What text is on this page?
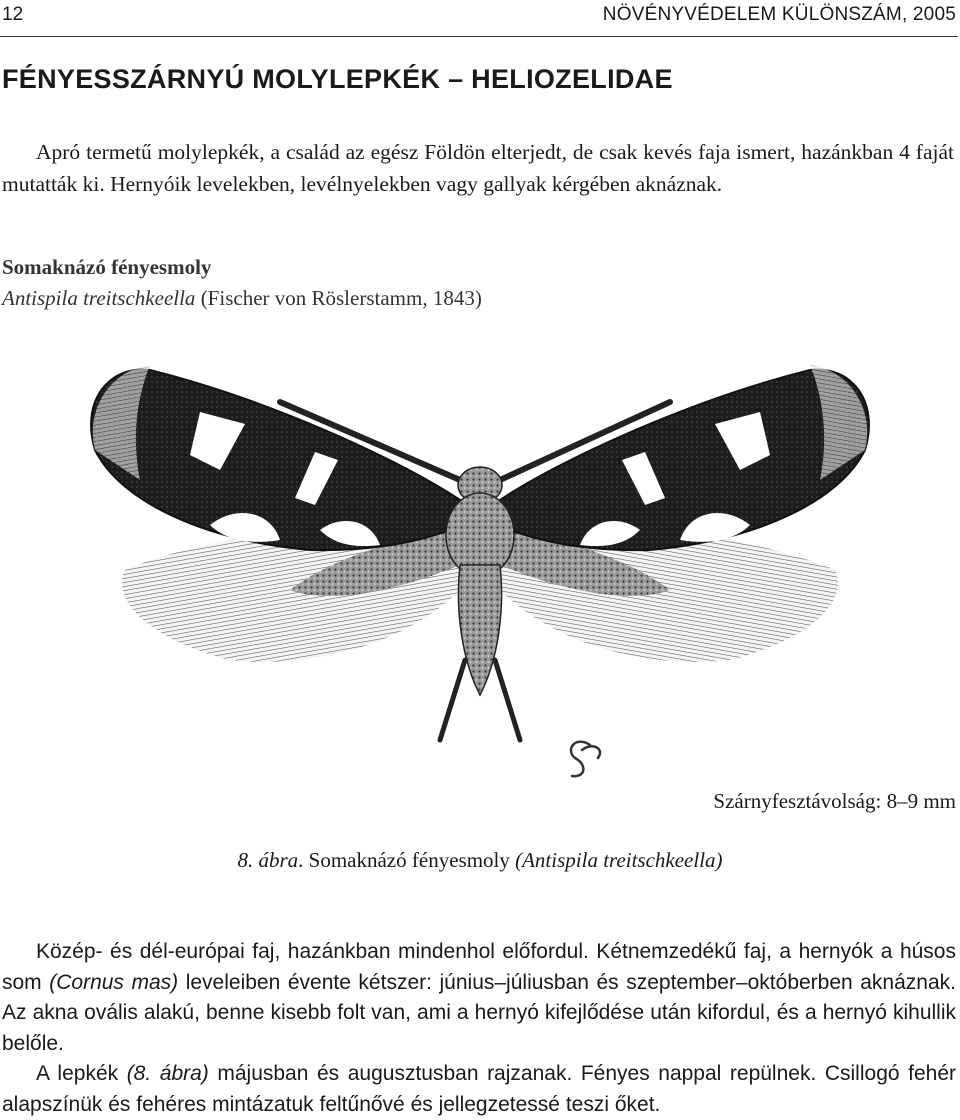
12	NÖVÉNYVÉDELEM KÜLÖNSZÁM, 2005
FÉNYESSZÁRNYÚ MOLYLEPKÉK – HELIOZELIDAE
Apró termetű molylepkék, a család az egész Földön elterjedt, de csak kevés faja ismert, hazánkban 4 faját mutatták ki. Hernyóik levelekben, levélnyelekben vagy gallyak kérgében aknáznak.
Somaknázó fényesmoly
Antispila treitschkeella (Fischer von Röslerstamm, 1843)
Szárnyfesztávolság: 8–9 mm
8. ábra. Somaknázó fényesmoly (Antispila treitschkeella)
Közép- és dél-európai faj, hazánkban mindenhol előfordul. Kétnemzedékű faj, a hernyók a húsos som (Cornus mas) leveleiben évente kétszer: június–júliusban és szeptember–októberben aknáznak. Az akna ovális alakú, benne kisebb folt van, ami a hernyó kifejlődése után kifordul, és a hernyó kihullik belőle.
A lepkék (8. ábra) májusban és augusztusban rajzanak. Fényes nappal repülnek. Csillogó fehér alapszínük és fehéres mintázatuk feltűnővé és jellegzetessé teszi őket.
